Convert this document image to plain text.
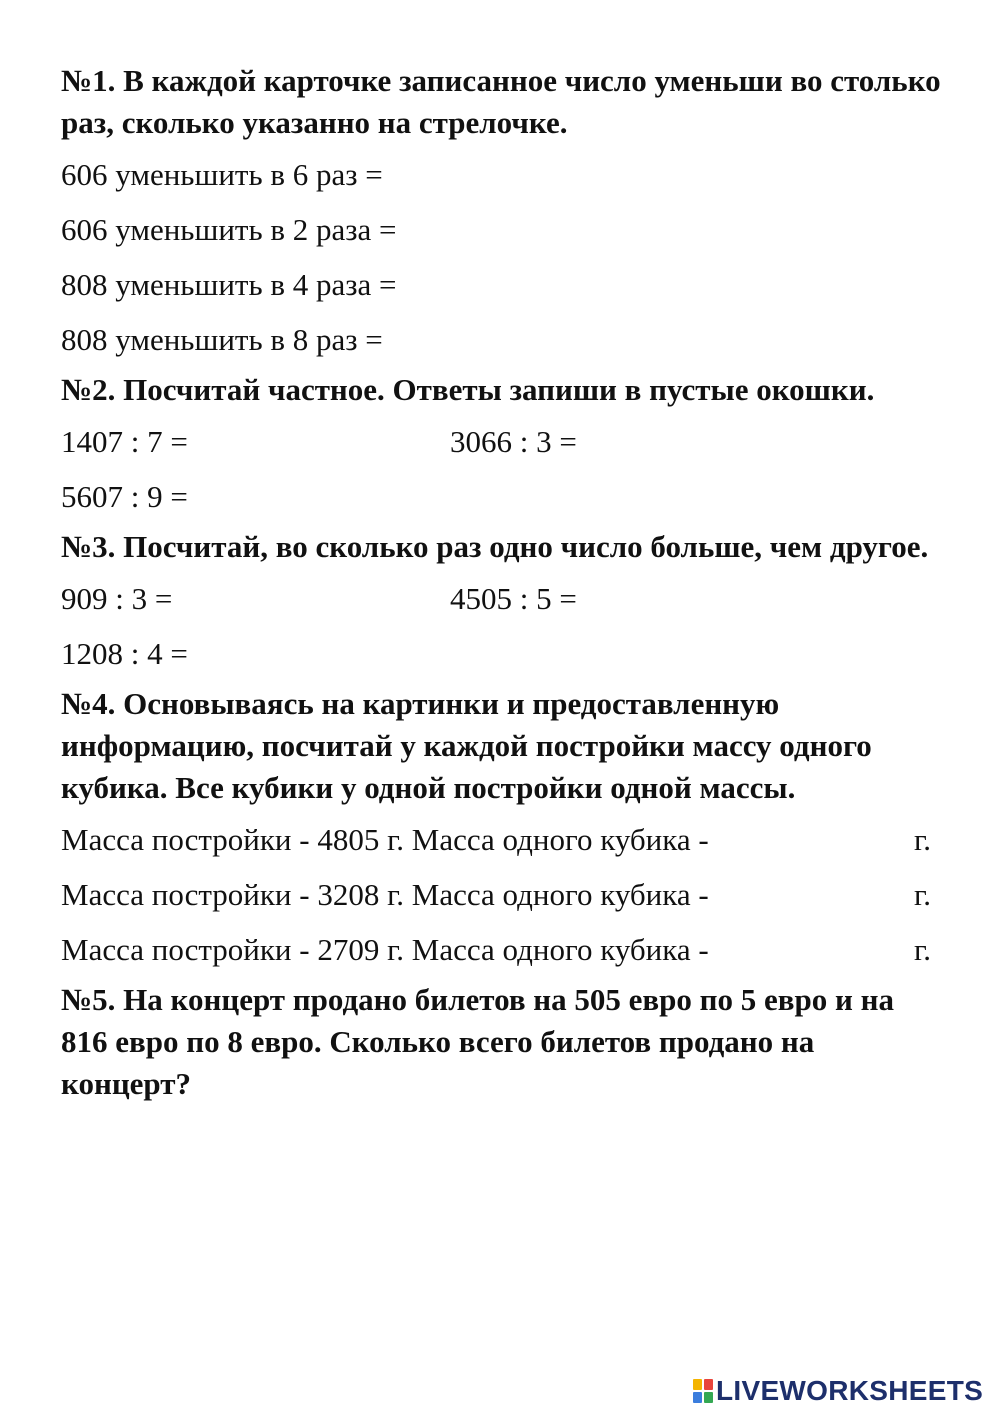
№1. В каждой карточке записанное число уменьши во столько раз, сколько указанно на стрелочке.
606 уменьшить в 6 раз =
606 уменьшить в 2 раза =
808 уменьшить в 4 раза =
808 уменьшить в 8 раз =
№2. Посчитай частное. Ответы запиши в пустые окошки.
1407 : 7 =	3066 : 3 =
5607 : 9 =
№3. Посчитай, во сколько раз одно число больше, чем другое.
909 : 3 =	4505 : 5 =
1208 : 4 =
№4. Основываясь на картинки и предоставленную информацию, посчитай у каждой постройки массу одного кубика. Все кубики у одной постройки одной массы.
Масса постройки - 4805 г. Масса одного кубика -	г.
Масса постройки - 3208 г. Масса одного кубика -	г.
Масса постройки - 2709 г. Масса одного кубика -	г.
№5. На концерт продано билетов на 505 евро по 5 евро и на 816 евро по 8 евро. Сколько всего билетов продано на концерт?
LIVEWORKSHEETS
